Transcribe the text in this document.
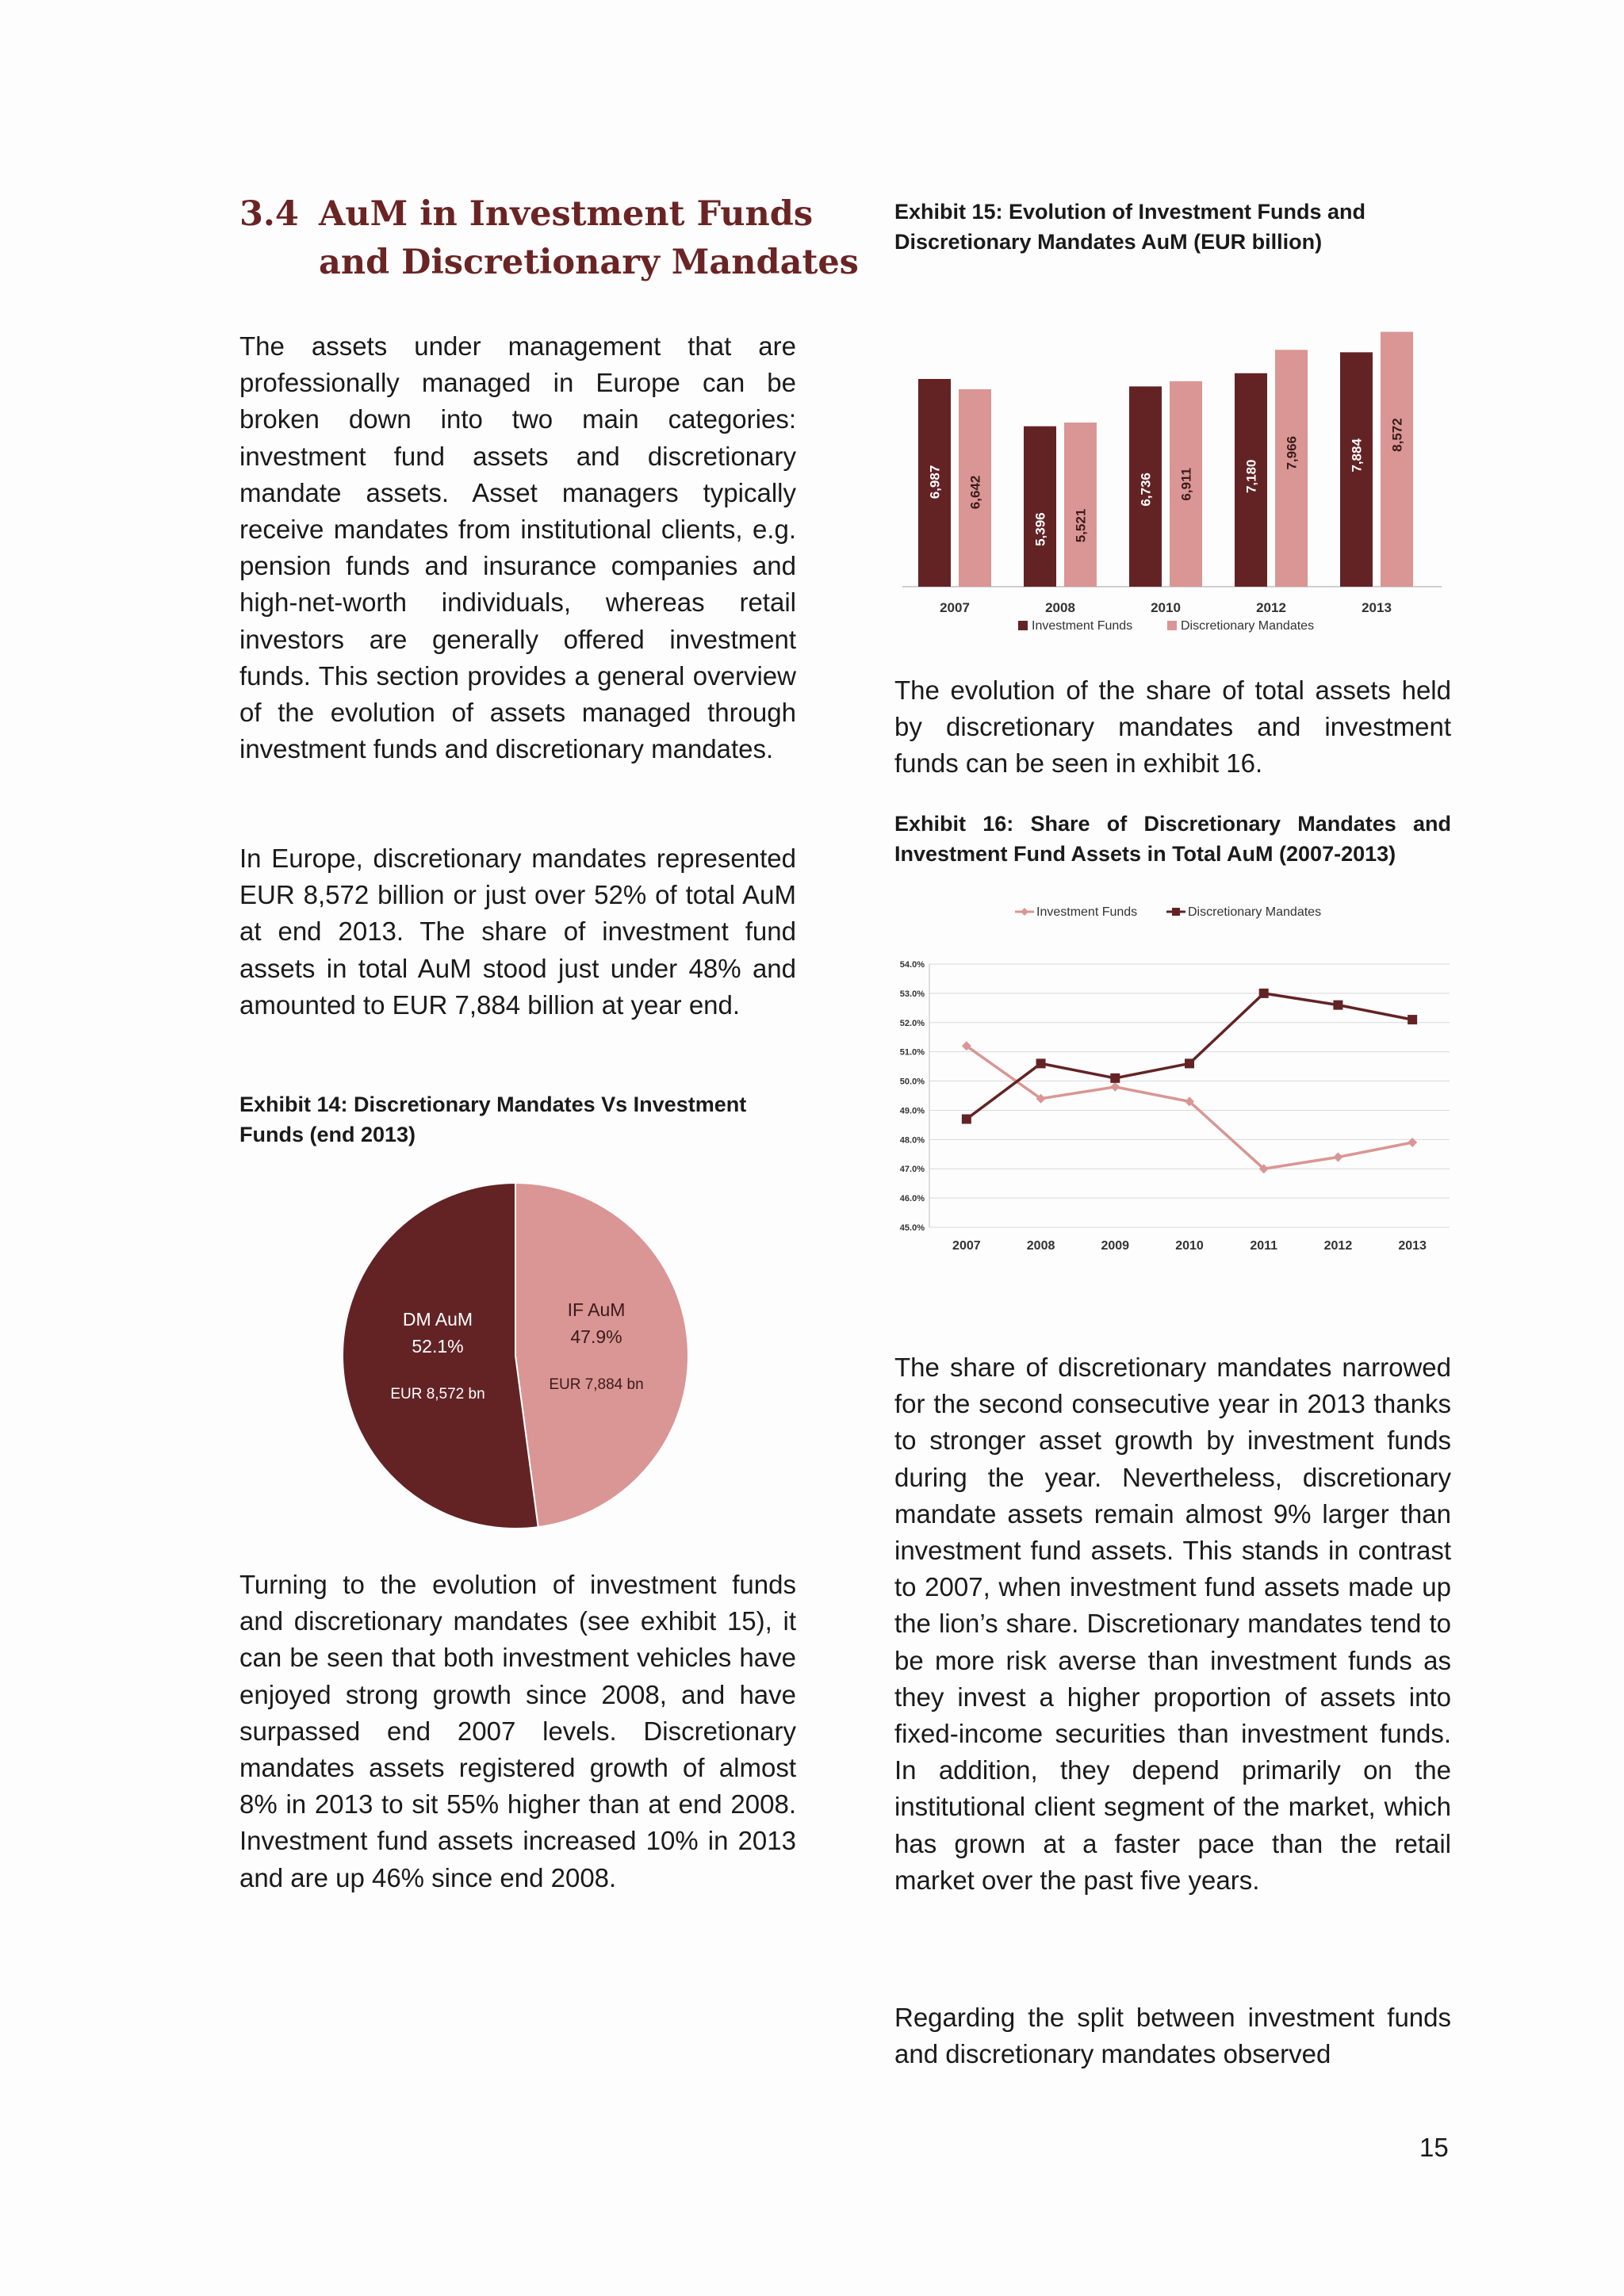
3.4 AuM in Investment Funds
and Discretionary Mandates
The assets under management that are professionally managed in Europe can be broken down into two main categories: investment fund assets and discretionary mandate assets. Asset managers typically receive mandates from institutional clients, e.g. pension funds and insurance companies and high-net-worth individuals, whereas retail investors are generally offered investment funds. This section provides a general overview of the evolution of assets managed through investment funds and discretionary mandates.
In Europe, discretionary mandates represented EUR 8,572 billion or just over 52% of total AuM at end 2013. The share of investment fund assets in total AuM stood just under 48% and amounted to EUR 7,884 billion at year end.
Exhibit 14: Discretionary Mandates Vs Investment
Funds (end 2013)
DM AuM
52.1%
EUR 8,572 bn
IF AuM
47.9%
EUR 7,884 bn
Turning to the evolution of investment funds and discretionary mandates (see exhibit 15), it can be seen that both investment vehicles have enjoyed strong growth since 2008, and have surpassed end 2007 levels. Discretionary mandates assets registered growth of almost 8% in 2013 to sit 55% higher than at end 2008. Investment fund assets increased 10% in 2013 and are up 46% since end 2008.
Exhibit 15: Evolution of Investment Funds and
Discretionary Mandates AuM (EUR billion)
6,987 6,642
2007
5,396 5,521
2008
6,736 6,911
2010
7,180
7,966
2012
7,884
8,572
2013
Investment Funds	Discretionary Mandates
The evolution of the share of total assets held by discretionary mandates and investment funds can be seen in exhibit 16.
Exhibit 16: Share of Discretionary Mandates and
Investment Fund Assets in Total AuM (2007-2013)
45.0%
46.0%
47.0%
48.0%
49.0%
50.0%
51.0%
52.0%
53.0%
54.0%
2007	2008	2009	2010	2011	2012	2013
Investment Funds	Discretionary Mandates
The share of discretionary mandates narrowed for the second consecutive year in 2013 thanks to stronger asset growth by investment funds during the year. Nevertheless, discretionary mandate assets remain almost 9% larger than investment fund assets. This stands in contrast to 2007, when investment fund assets made up the lion’s share. Discretionary mandates tend to be more risk averse than investment funds as they invest a higher proportion of assets into fixed-income securities than investment funds. In addition, they depend primarily on the institutional client segment of the market, which has grown at a faster pace than the retail market over the past five years.
Regarding the split between investment funds and discretionary mandates observed
15
